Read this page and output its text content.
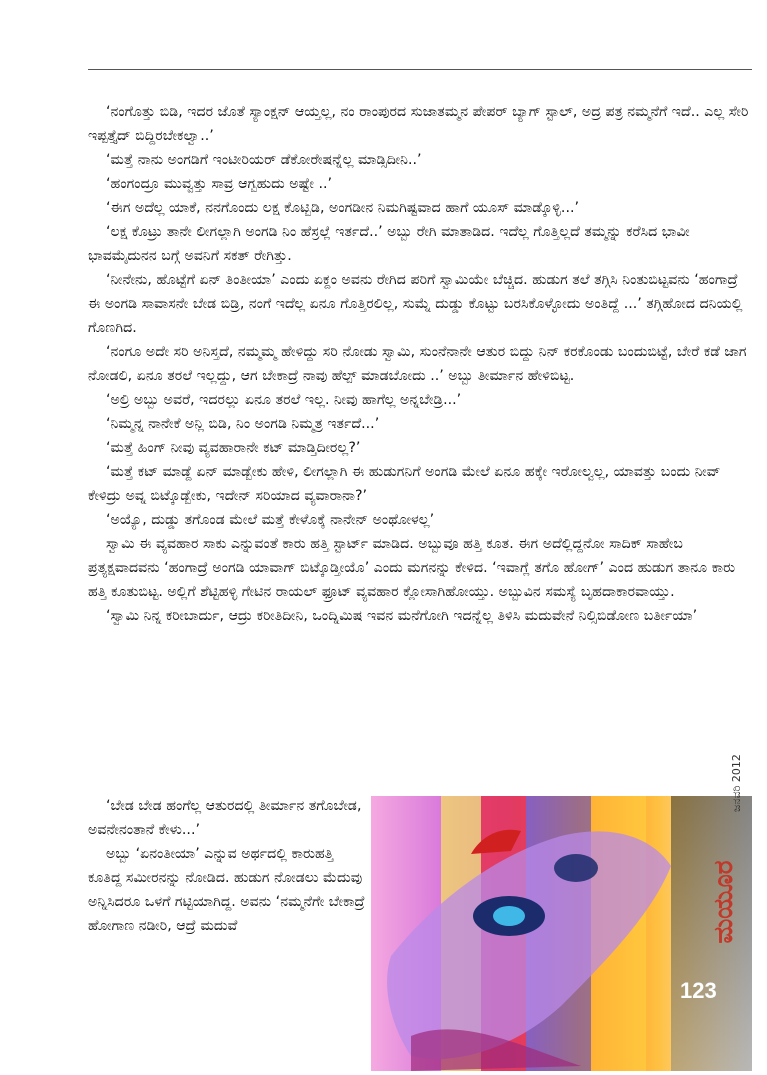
‘ನಂಗೊತ್ತು ಬಿಡಿ, ಇದರ ಜೊತೆ ಸ್ಯಾಂಕ್ಷನ್ ಆಯ್ತಲ್ಲ, ನಂ ರಾಂಪುರದ ಸುಜಾತಮ್ಮನ ಪೇಪರ್ ಬ್ಯಾಗ್ ಸ್ಟಾಲ್, ಅದ್ರ ಪತ್ರ ನಮ್ಮನೆಗೆ ಇದೆ.. ಎಲ್ಲ ಸೇರಿ ಇಪ್ಪತ್ತೈದ್ ಬಿದ್ದಿರಬೇಕಲ್ವಾ..’

‘ಮತ್ತೆ ನಾನು ಅಂಗಡಿಗೆ ಇಂಟೀರಿಯರ್ ಡೆಕೋರೇಷನ್ನೆಲ್ಲ ಮಾಡ್ಸಿದೀನಿ..’

‘ಹಂಗಂದ್ರೂ ಮುವ್ವತ್ತು ಸಾವ್ರ ಆಗ್ಬಹುದು ಅಷ್ಟೇ ..’

‘ಈಗ ಅದೆಲ್ಲ ಯಾಕೆ, ನನಗೊಂದು ಲಕ್ಷ ಕೊಟ್ಬಿಡಿ, ಅಂಗಡೀನ ನಿಮಗಿಷ್ಟವಾದ ಹಾಗೆ ಯೂಸ್ ಮಾಡ್ಕೊಳ್ಳಿ...’

‘ಲಕ್ಷ ಕೊಟ್ರು ತಾನೇ ಲೀಗಲ್ಲಾಗಿ ಅಂಗಡಿ ನಿಂ ಹೆಸ್ರಲ್ಲೆ ಇರ್ತದೆ..’ ಅಬ್ಬು ರೇಗಿ ಮಾತಾಡಿದ. ಇದೆಲ್ಲ ಗೊತ್ತಿಲ್ಲದೆ ತಮ್ಮನ್ನು ಕರೆಸಿದ ಭಾವೀ ಭಾವಮೈದುನನ ಬಗ್ಗೆ ಅವನಿಗೆ ಸಕತ್ ರೇಗಿತ್ತು.

‘ನೀನೇನು, ಹೊಟ್ಟೆಗೆ ಏನ್ ತಿಂತೀಯಾ’ ಎಂದು ಏಕ್ದಂ ಅವನು ರೇಗಿದ ಪರಿಗೆ ಸ್ವಾಮಿಯೇ ಬೆಚ್ಚಿದ. ಹುಡುಗ ತಲೆ ತಗ್ಗಿಸಿ ನಿಂತುಬಿಟ್ಟವನು ‘ಹಂಗಾದ್ರೆ ಈ ಅಂಗಡಿ ಸಾವಾಸನೇ ಬೇಡ ಬಿಡ್ರಿ, ನಂಗೆ ಇದೆಲ್ಲ ಏನೂ ಗೊತ್ತಿರಲಿಲ್ಲ, ಸುಮ್ನೆ ದುಡ್ಡು ಕೊಟ್ಟು ಬರಸಿಕೊಳ್ಳೋದು ಅಂತಿದ್ದೆ ...’ ತಗ್ಗಿಹೋದ ದನಿಯಲ್ಲಿ ಗೊಣಗಿದ.

‘ನಂಗೂ ಅದೇ ಸರಿ ಅನಿಸ್ತದೆ, ನಮ್ಮಮ್ಮ ಹೇಳಿದ್ದು ಸರಿ ನೋಡು ಸ್ವಾಮಿ, ಸುಂನೆನಾನೇ ಆತುರ ಬಿದ್ದು ನಿನ್ ಕರಕೊಂಡು ಬಂದುಬಿಟ್ಟೆ, ಬೇರೆ ಕಡೆ ಜಾಗ ನೋಡಲಿ, ಏನೂ ತರಲೆ ಇಲ್ಲದ್ದು, ಆಗ ಬೇಕಾದ್ರೆ ನಾವು ಹೆಲ್ಪ್ ಮಾಡಬೋದು ..’ ಅಬ್ಬು ತೀರ್ಮಾನ ಹೇಳಿಬಿಟ್ಟ.

‘ಅಲ್ರಿ ಅಬ್ಬು ಅವರೆ, ಇದರಲ್ಲು ಏನೂ ತರಲೆ ಇಲ್ಲ. ನೀವು ಹಾಗೆಲ್ಲ ಅನ್ನಬೇಡ್ರಿ...’

‘ನಿಮ್ಮನ್ನ ನಾನೇಕೆ ಅನ್ಲಿ ಬಿಡಿ, ನಿಂ ಅಂಗಡಿ ನಿಮ್ಮತ್ರ ಇರ್ತದೆ...’

‘ಮತ್ತೆ ಹಿಂಗ್ ನೀವು ವ್ಯವಹಾರಾನೇ ಕಟ್ ಮಾಡ್ತಿದೀರಲ್ಲ?’

‘ಮತ್ತೆ ಕಟ್ ಮಾಡ್ದೆ ಏನ್ ಮಾಡ್ಬೇಕು ಹೇಳಿ, ಲೀಗಲ್ಲಾಗಿ ಈ ಹುಡುಗನಿಗೆ ಅಂಗಡಿ ಮೇಲೆ ಏನೂ ಹಕ್ಕೇ ಇರೋಲ್ವಲ್ಲ, ಯಾವತ್ತು ಬಂದು ನೀವ್ ಕೇಳಿದ್ರು ಅವ್ನ ಬಿಟ್ಕೊಡ್ಬೇಕು, ಇದೇನ್ ಸರಿಯಾದ ವ್ಯವಾರಾನಾ?’

‘ಅಯ್ಯೊ, ದುಡ್ಡು ತಗೊಂಡ ಮೇಲೆ ಮತ್ತೆ ಕೇಳೊಕ್ಕೆ ನಾನೇನ್ ಅಂಥೋಳಲ್ಲ’

ಸ್ವಾಮಿ ಈ ವ್ಯವಹಾರ ಸಾಕು ಎನ್ನುವಂತೆ ಕಾರು ಹತ್ತಿ ಸ್ಟಾರ್ಟ್ ಮಾಡಿದ. ಅಬ್ಬುವೂ ಹತ್ತಿ ಕೂತ. ಈಗ ಅದೆಲ್ಲಿದ್ದನೋ ಸಾದಿಕ್ ಸಾಹೇಬ ಪ್ರತ್ಯಕ್ಷವಾದವನು ‘ಹಂಗಾದ್ರೆ ಅಂಗಡಿ ಯಾವಾಗ್ ಬಿಟ್ಕೊಡ್ತೀಯೊ’ ಎಂದು ಮಗನನ್ನು ಕೇಳಿದ. ‘ಇವಾಗ್ಲೆ ತಗೊ ಹೋಗ್’ ಎಂದ ಹುಡುಗ ತಾನೂ ಕಾರು ಹತ್ತಿ ಕೂತುಬಿಟ್ಟ. ಅಲ್ಲಿಗೆ ಶೆಟ್ಟಿಹಳ್ಳಿ ಗೇಟಿನ ರಾಯಲ್ ಫ್ರೂಟ್ ವ್ಯವಹಾರ ಕ್ಲೋಸಾಗಿಹೋಯ್ತು. ಅಬ್ಬುವಿನ ಸಮಸ್ಯೆ ಬೃಹದಾಕಾರವಾಯ್ತು.

‘ಸ್ವಾಮಿ ನಿನ್ನ ಕರೀಬಾರ್ದು, ಆದ್ರು ಕರೀತಿದೀನಿ, ಒಂದ್ನಿಮಿಷ ಇವನ ಮನೆಗೋಗಿ ಇದನ್ನೆಲ್ಲ ತಿಳಿಸಿ ಮದುವೇನೆ ನಿಲ್ಸಿಬಿಡೋಣ ಬರ್ತೀಯಾ’

‘ಬೇಡ ಬೇಡ ಹಂಗೆಲ್ಲ ಆತುರದಲ್ಲಿ ತೀರ್ಮಾನ ತಗೊಬೇಡ, ಅವನೇನಂತಾನೆ ಕೇಳು...’

ಅಬ್ಬು ‘ಏನಂತೀಯಾ’ ಎನ್ನುವ ಅರ್ಥದಲ್ಲಿ ಕಾರುಹತ್ತಿ ಕೂತಿದ್ದ ಸಮೀರನನ್ನು ನೋಡಿದ. ಹುಡುಗ ನೋಡಲು ಮೆದುವು ಅನ್ನಿಸಿದರೂ ಒಳಗೆ ಗಟ್ಟಿಯಾಗಿದ್ದ. ಅವನು ‘ನಮ್ಮನೆಗೇ ಬೇಕಾದ್ರೆ ಹೋಗಾಣ ನಡೀರಿ, ಆದ್ರೆ ಮದುವೆ	ಮಯೂರ
ಜನವರಿ 2012
123
